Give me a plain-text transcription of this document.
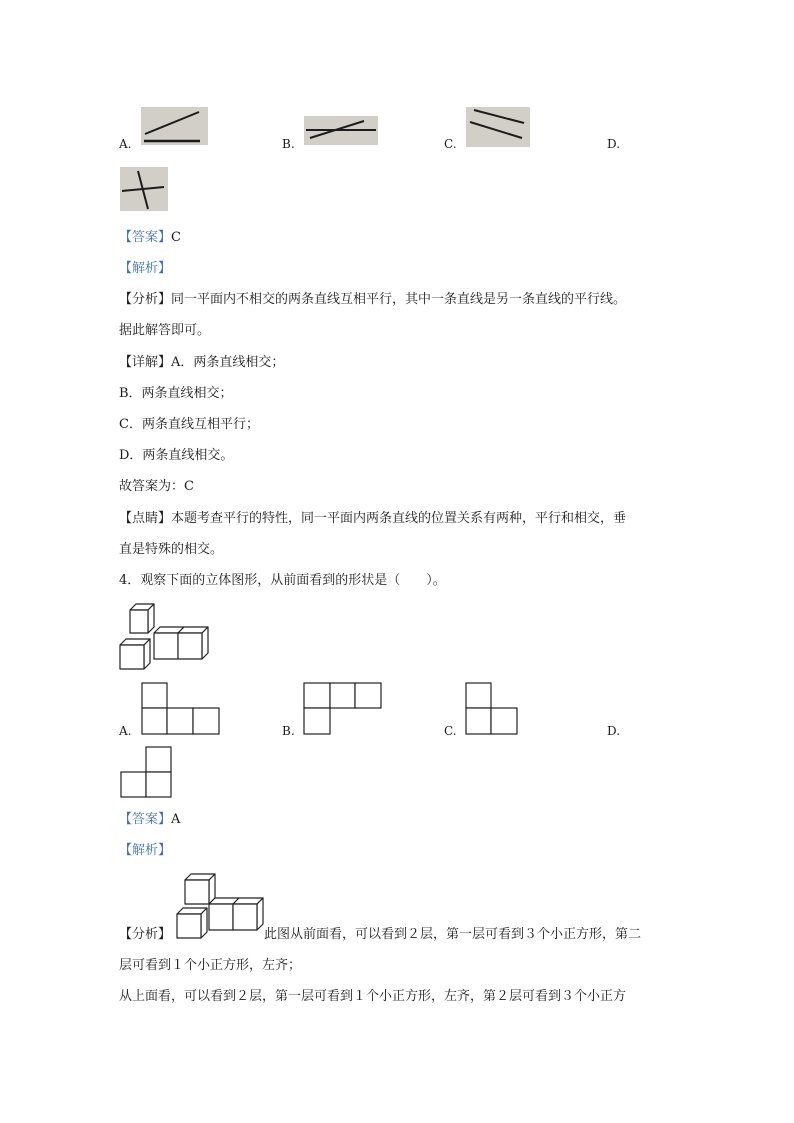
A.	B.	C.	D.
【答案】C
【解析】
【分析】同一平面内不相交的两条直线互相平行，其中一条直线是另一条直线的平行线。
据此解答即可。
【详解】A．两条直线相交；
B．两条直线相交；
C．两条直线互相平行；
D．两条直线相交。
故答案为：C
【点睛】本题考查平行的特性，同一平面内两条直线的位置关系有两种，平行和相交，垂
直是特殊的相交。
4．观察下面的立体图形，从前面看到的形状是（　　）。
A.	B.	C.	D.
【答案】A
【解析】
【分析】	此图从前面看，可以看到２层，第一层可看到３个小正方形，第二
层可看到１个小正方形，左齐；
从上面看，可以看到２层，第一层可看到１个小正方形，左齐，第２层可看到３个小正方
